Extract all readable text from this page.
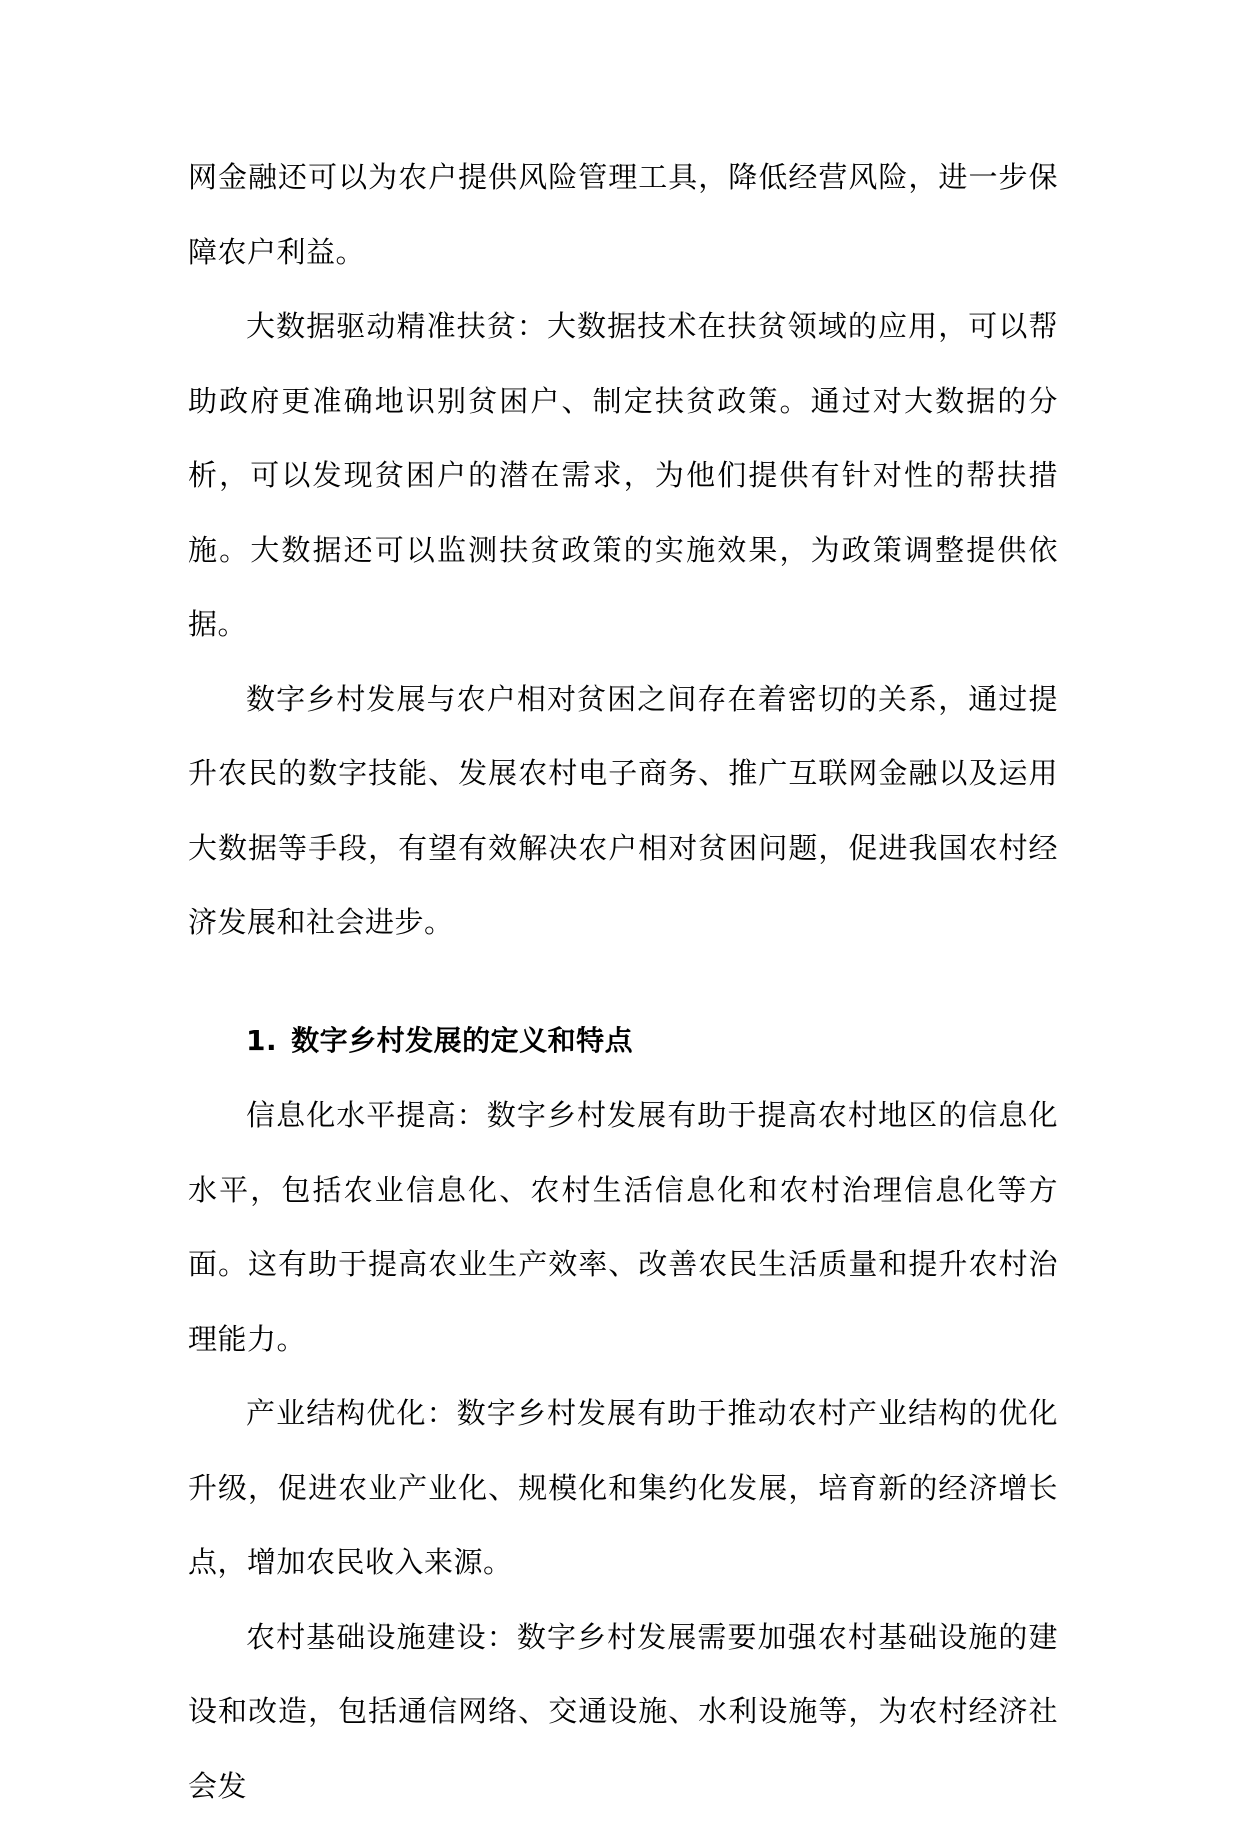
网金融还可以为农户提供风险管理工具，降低经营风险，进一步保障农户利益。

大数据驱动精准扶贫：大数据技术在扶贫领域的应用，可以帮助政府更准确地识别贫困户、制定扶贫政策。通过对大数据的分析，可以发现贫困户的潜在需求，为他们提供有针对性的帮扶措施。大数据还可以监测扶贫政策的实施效果，为政策调整提供依据。

数字乡村发展与农户相对贫困之间存在着密切的关系，通过提升农民的数字技能、发展农村电子商务、推广互联网金融以及运用大数据等手段，有望有效解决农户相对贫困问题，促进我国农村经济发展和社会进步。

1. 数字乡村发展的定义和特点

信息化水平提高：数字乡村发展有助于提高农村地区的信息化水平，包括农业信息化、农村生活信息化和农村治理信息化等方面。这有助于提高农业生产效率、改善农民生活质量和提升农村治理能力。

产业结构优化：数字乡村发展有助于推动农村产业结构的优化升级，促进农业产业化、规模化和集约化发展，培育新的经济增长点，增加农民收入来源。

农村基础设施建设：数字乡村发展需要加强农村基础设施的建设和改造，包括通信网络、交通设施、水利设施等，为农村经济社会发
